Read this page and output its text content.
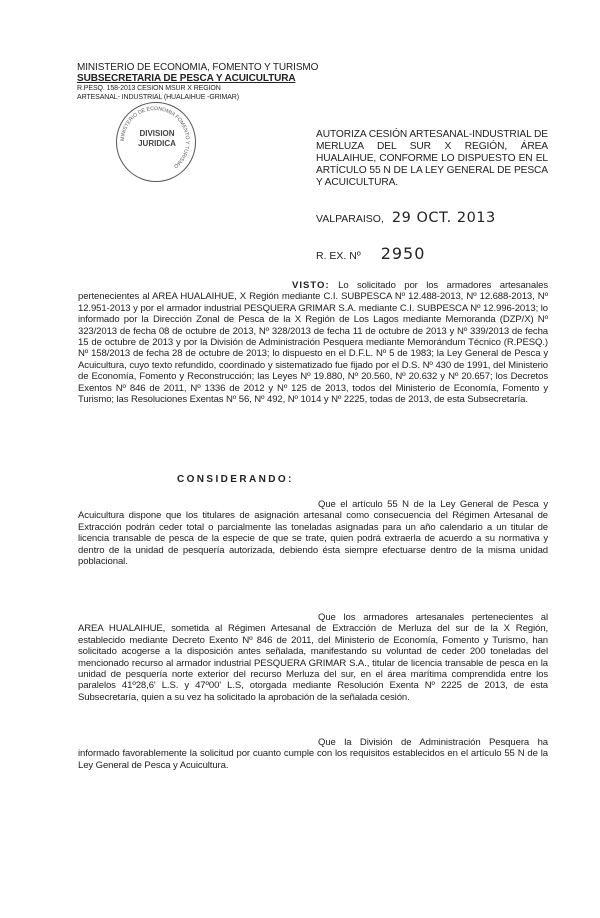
MINISTERIO DE ECONOMIA, FOMENTO Y TURISMO
SUBSECRETARIA DE PESCA Y ACUICULTURA
R.PESQ. 158-2013 CESION MSUR X REGION
ARTESANAL- INDUSTRIAL (HUALAIHUE -GRIMAR)
MINISTERIO DE ECONOMIA FOMENTO Y TURISMO
DIVISION
JURIDICA
AUTORIZA CESIÓN ARTESANAL-INDUSTRIAL DE MERLUZA DEL SUR X REGIÓN, ÁREA HUALAIHUE, CONFORME LO DISPUESTO EN EL ARTÍCULO 55 N DE LA LEY GENERAL DE PESCA Y ACUICULTURA.
VALPARAISO, 29 OCT. 2013
R. EX. Nº 2950
VISTO: Lo solicitado por los armadores artesanales pertenecientes al AREA HUALAIHUE, X Región mediante C.I. SUBPESCA Nº 12.488-2013, Nº 12.688-2013, Nº 12.951-2013 y por el armador industrial PESQUERA GRIMAR S.A. mediante C.I. SUBPESCA Nº 12.996-2013; lo informado por la Dirección Zonal de Pesca de la X Región de Los Lagos mediante Memoranda (DZP/X) Nº 323/2013 de fecha 08 de octubre de 2013, Nº 328/2013 de fecha 11 de octubre de 2013 y Nº 339/2013 de fecha 15 de octubre de 2013 y por la División de Administración Pesquera mediante Memorándum Técnico (R.PESQ.) Nº 158/2013 de fecha 28 de octubre de 2013; lo dispuesto en el D.F.L. Nº 5 de 1983; la Ley General de Pesca y Acuicultura, cuyo texto refundido, coordinado y sistematizado fue fijado por el D.S. Nº 430 de 1991, del Ministerio de Economía, Fomento y Reconstrucción; las Leyes Nº 19.880, Nº 20.560, Nº 20.632 y Nº 20.657; los Decretos Exentos Nº 846 de 2011, Nº 1336 de 2012 y Nº 125 de 2013, todos del Ministerio de Economía, Fomento y Turismo; las Resoluciones Exentas Nº 56, Nº 492, Nº 1014 y Nº 2225, todas de 2013, de esta Subsecretaría.
CONSIDERANDO:
Que el artículo 55 N de la Ley General de Pesca y Acuicultura dispone que los titulares de asignación artesanal como consecuencia del Régimen Artesanal de Extracción podrán ceder total o parcialmente las toneladas asignadas para un año calendario a un titular de licencia transable de pesca de la especie de que se trate, quien podrá extraerla de acuerdo a su normativa y dentro de la unidad de pesquería autorizada, debiendo ésta siempre efectuarse dentro de la misma unidad poblacional.
Que los armadores artesanales pertenecientes al AREA HUALAIHUE, sometida al Régimen Artesanal de Extracción de Merluza del sur de la X Región, establecido mediante Decreto Exento Nº 846 de 2011, del Ministerio de Economía, Fomento y Turismo, han solicitado acogerse a la disposición antes señalada, manifestando su voluntad de ceder 200 toneladas del mencionado recurso al armador industrial PESQUERA GRIMAR S.A., titular de licencia transable de pesca en la unidad de pesquería norte exterior del recurso Merluza del sur, en el área marítima comprendida entre los paralelos 41º28,6' L.S. y 47º00' L.S, otorgada mediante Resolución Exenta Nº 2225 de 2013, de esta Subsecretaría, quien a su vez ha solicitado la aprobación de la señalada cesión.
Que la División de Administración Pesquera ha informado favorablemente la solicitud por cuanto cumple con los requisitos establecidos en el artículo 55 N de la Ley General de Pesca y Acuicultura.
